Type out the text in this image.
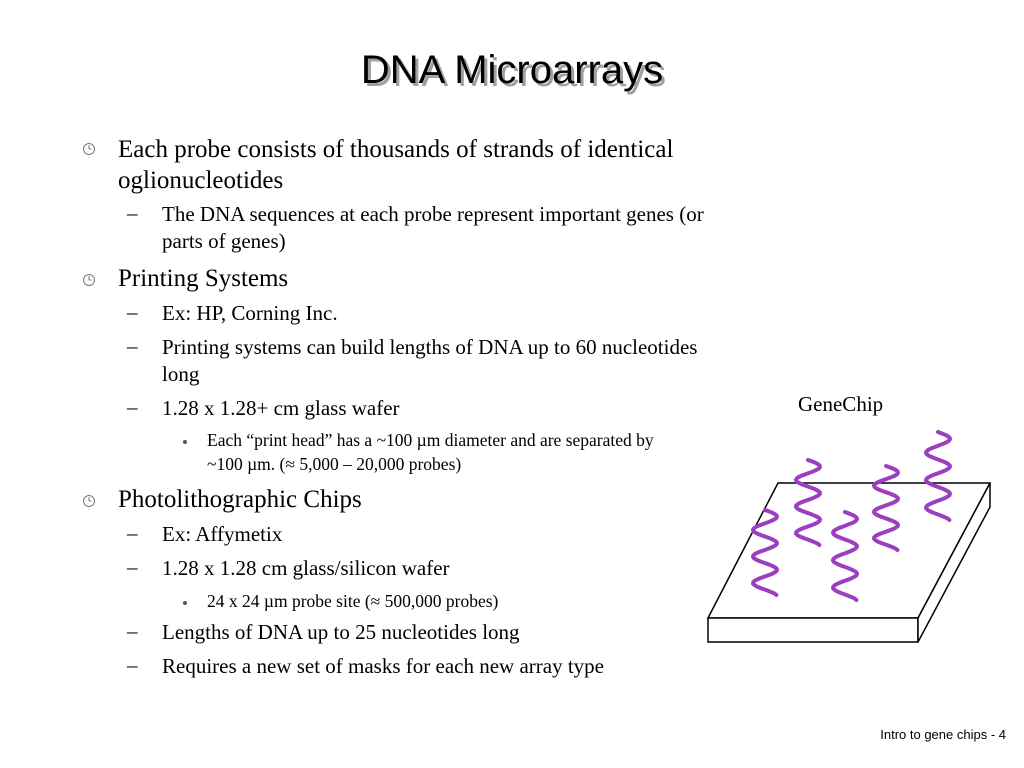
DNA Microarrays
Each probe consists of thousands of strands of identical oglionucleotides
– The DNA sequences at each probe represent important genes (or parts of genes)
Printing Systems
– Ex: HP, Corning Inc.
– Printing systems can build lengths of DNA up to 60 nucleotides long
– 1.28 x 1.28+ cm glass wafer
Each “print head” has a ~100 µm diameter and are separated by ~100 µm. (≈ 5,000 – 20,000 probes)
Photolithographic Chips
– Ex: Affymetix
– 1.28 x 1.28 cm glass/silicon wafer
24 x 24 µm probe site (≈ 500,000 probes)
– Lengths of DNA up to 25 nucleotides long
– Requires a new set of masks for each new array type
GeneChip
Intro to gene chips - 4
